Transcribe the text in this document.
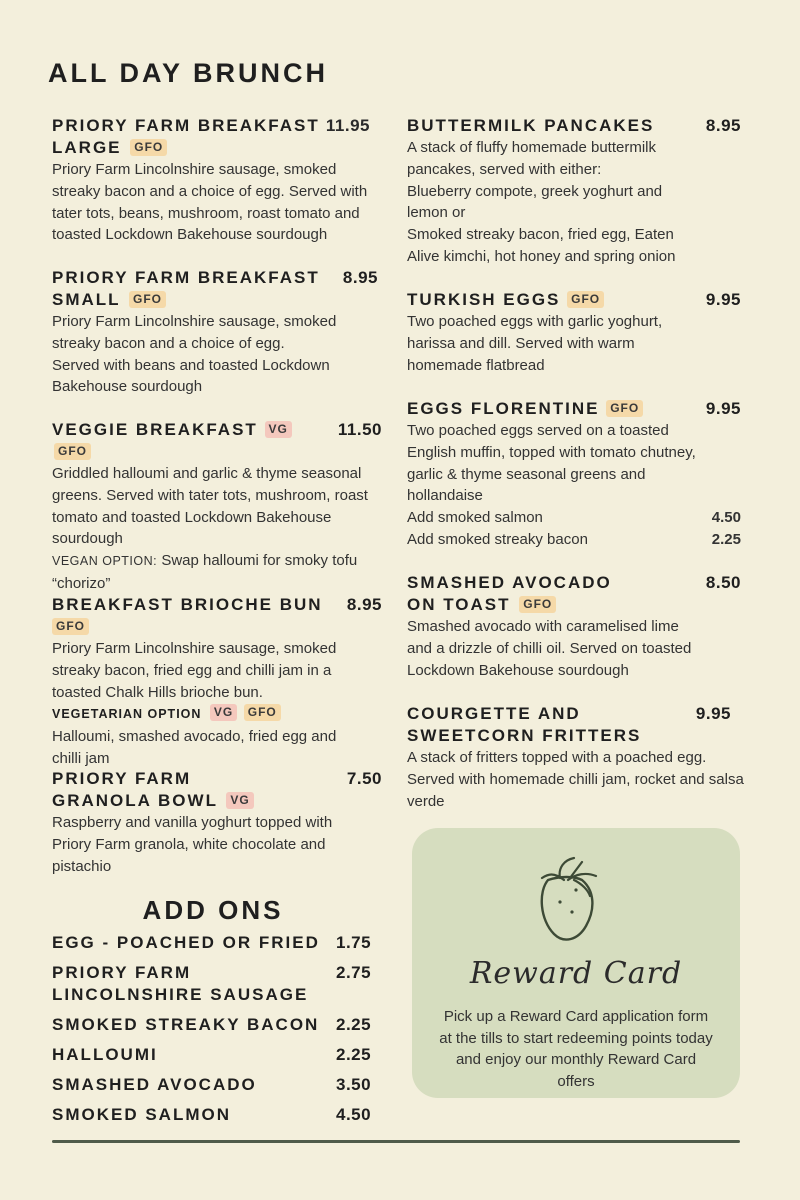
ALL DAY BRUNCH
PRIORY FARM BREAKFAST
LARGE GFO
11.95
Priory Farm Lincolnshire sausage, smoked streaky bacon and a choice of egg. Served with tater tots, beans, mushroom, roast tomato and toasted Lockdown Bakehouse sourdough
PRIORY FARM BREAKFAST
SMALL GFO
8.95
Priory Farm Lincolnshire sausage, smoked streaky bacon and a choice of egg.
Served with beans and toasted Lockdown Bakehouse sourdough
VEGGIE BREAKFAST VG GFO
11.50
Griddled halloumi and garlic & thyme seasonal greens. Served with tater tots, mushroom, roast tomato and toasted Lockdown Bakehouse sourdough
VEGAN OPTION: Swap halloumi for smoky tofu “chorizo”
BREAKFAST BRIOCHE BUN GFO
8.95
Priory Farm Lincolnshire sausage, smoked streaky bacon, fried egg and chilli jam in a toasted Chalk Hills brioche bun.
VEGETARIAN OPTION VG GFO
Halloumi, smashed avocado, fried egg and chilli jam
PRIORY FARM
GRANOLA BOWL VG
7.50
Raspberry and vanilla yoghurt topped with Priory Farm granola, white chocolate and pistachio
ADD ONS
EGG - POACHED OR FRIED 1.75
PRIORY FARM LINCOLNSHIRE SAUSAGE
2.75
SMOKED STREAKY BACON 2.25
HALLOUMI	2.25
SMASHED AVOCADO	3.50
SMOKED SALMON	4.50
BUTTERMILK PANCAKES	8.95
A stack of fluffy homemade buttermilk pancakes, served with either:
Blueberry compote, greek yoghurt and lemon or
Smoked streaky bacon, fried egg, Eaten Alive kimchi, hot honey and spring onion
TURKISH EGGS GFO	9.95
Two poached eggs with garlic yoghurt, harissa and dill. Served with warm homemade flatbread
EGGS FLORENTINE GFO	9.95
Two poached eggs served on a toasted English muffin, topped with tomato chutney, garlic & thyme seasonal greens and hollandaise
Add smoked salmon	4.50
Add smoked streaky bacon	2.25
SMASHED AVOCADO
ON TOAST GFO
8.50
Smashed avocado with caramelised lime and a drizzle of chilli oil. Served on toasted Lockdown Bakehouse sourdough
COURGETTE AND
SWEETCORN FRITTERS
9.95
A stack of fritters topped with a poached egg. Served with homemade chilli jam, rocket and salsa verde
Reward Card
Pick up a Reward Card application form at the tills to start redeeming points today and enjoy our monthly Reward Card offers
